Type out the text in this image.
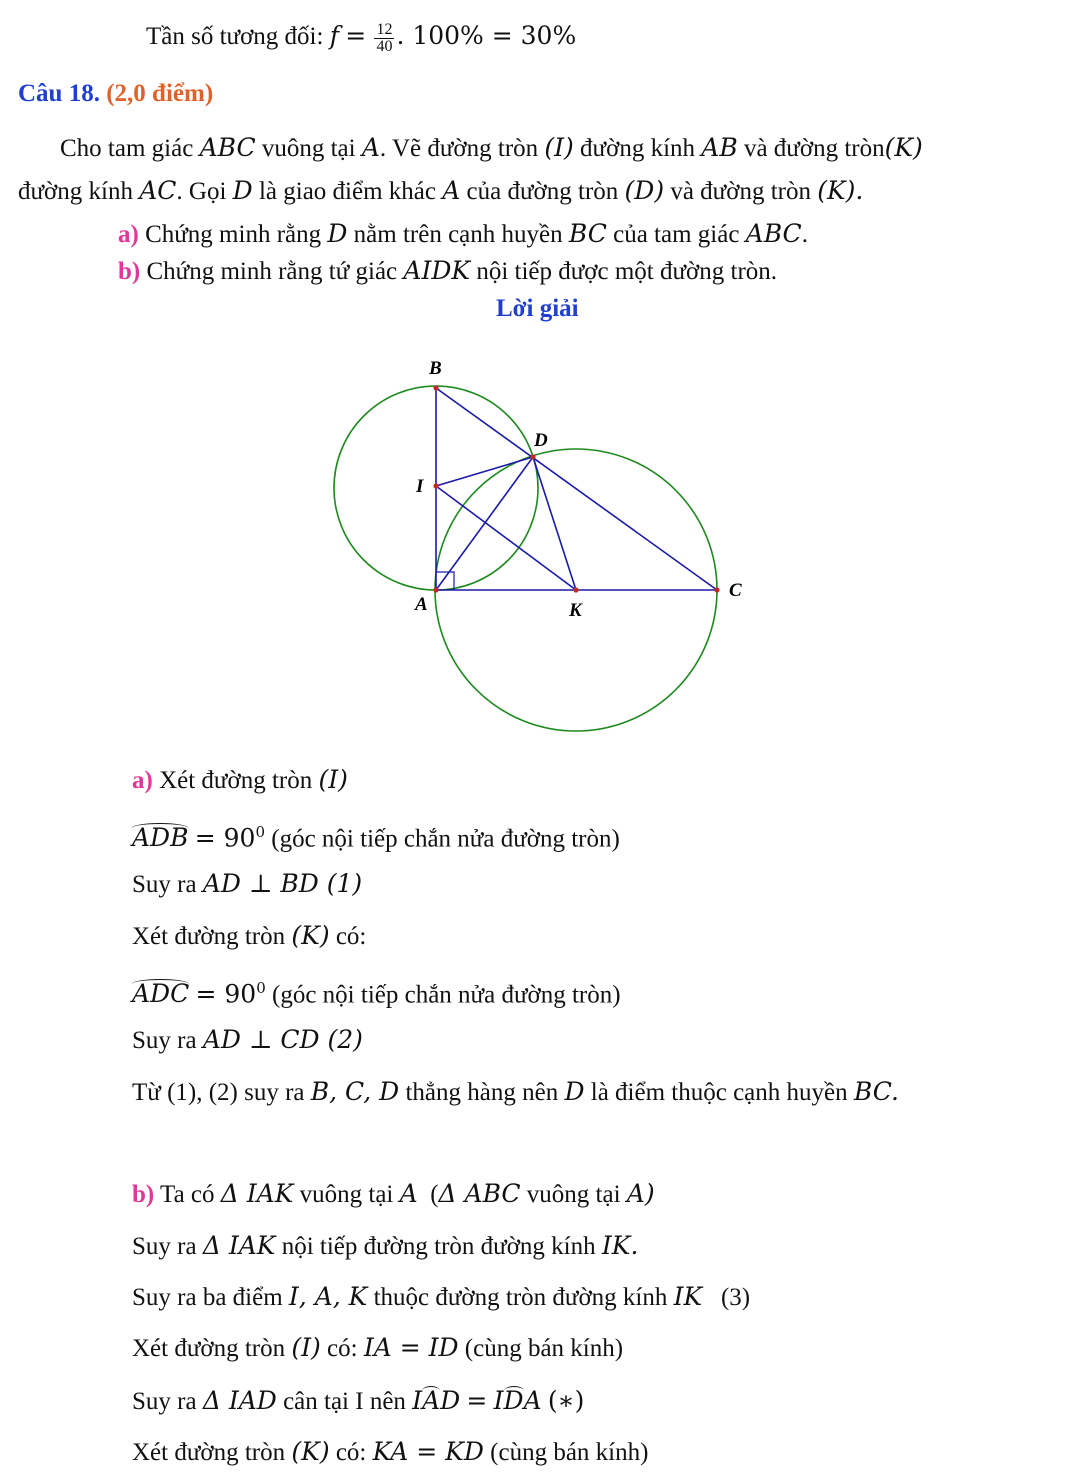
Tần số tương đối: $f = \frac{12}{40}$ . 100% = 30%
Câu 18. (2,0 điểm)
Cho tam giác ABC vuông tại A. Vẽ đường tròn (I) đường kính AB và đường tròn(K)
đường kính AC. Gọi D là giao điểm khác A của đường tròn (D) và đường tròn (K).
a) Chứng minh rằng D nằm trên cạnh huyền BC của tam giác ABC.
b) Chứng minh rằng tứ giác AIDK nội tiếp được một đường tròn.
Lời giải
B
D
I
A	K
C
a) Xét đường tròn (I)
ADB = $90^0$ (góc nội tiếp chắn nửa đường tròn)
Suy ra AD ⊥ BD (1)
Xét đường tròn (K) có:
ADC = $90^0$ (góc nội tiếp chắn nửa đường tròn)
Suy ra AD ⊥ CD (2)
Từ (1), (2) suy ra B, C, D thẳng hàng nên D là điểm thuộc cạnh huyền BC.
b) Ta có Δ IAK vuông tại A (Δ ABC vuông tại A)
Suy ra Δ IAK nội tiếp đường tròn đường kính IK.
Suy ra ba điểm I, A, K thuộc đường tròn đường kính IK (3)
Xét đường tròn (I) có: IA = ID (cùng bán kính)
Suy ra Δ IAD cân tại I nên IAD = IDA (∗)
Xét đường tròn (K) có: KA = KD (cùng bán kính)
